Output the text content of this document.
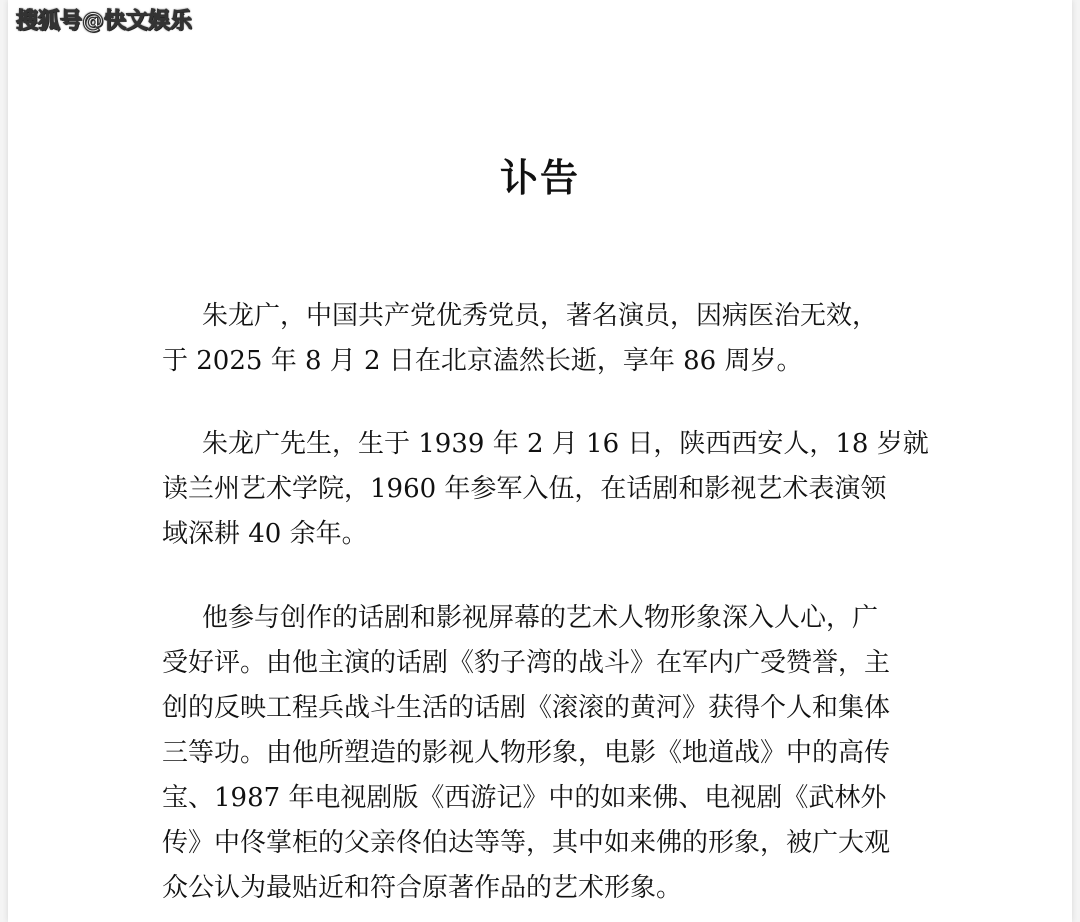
搜狐号@快文娱乐
讣告
朱龙广，中国共产党优秀党员，著名演员，因病医治无效，
于 2025 年 8 月 2 日在北京溘然长逝，享年 86 周岁。
朱龙广先生，生于 1939 年 2 月 16 日，陕西西安人，18 岁就
读兰州艺术学院，1960 年参军入伍，在话剧和影视艺术表演领
域深耕 40 余年。
他参与创作的话剧和影视屏幕的艺术人物形象深入人心，广
受好评。由他主演的话剧《豹子湾的战斗》在军内广受赞誉，主
创的反映工程兵战斗生活的话剧《滚滚的黄河》获得个人和集体
三等功。由他所塑造的影视人物形象，电影《地道战》中的高传
宝、1987 年电视剧版《西游记》中的如来佛、电视剧《武林外
传》中佟掌柜的父亲佟伯达等等，其中如来佛的形象，被广大观
众公认为最贴近和符合原著作品的艺术形象。
